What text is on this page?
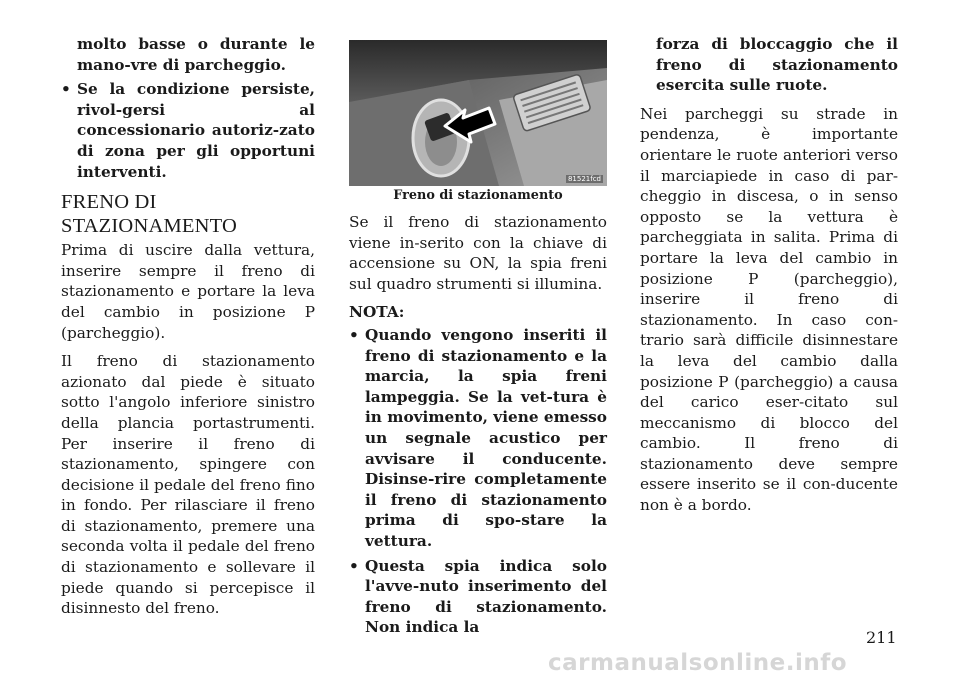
molto basse o durante le mano-vre di parcheggio.

• Se la condizione persiste, rivol-gersi al concessionario autoriz-zato di zona per gli opportuni interventi.
FRENO DI STAZIONAMENTO

Prima di uscire dalla vettura, inserire sempre il freno di stazionamento e portare la leva del cambio in posizione P (parcheggio).

Il freno di stazionamento azionato dal piede è situato sotto l'angolo inferiore sinistro della plancia portastrumenti. Per inserire il freno di stazionamento, spingere con decisione il pedale del freno fino in fondo. Per rilasciare il freno di stazionamento, premere una seconda volta il pedale del freno di stazionamento e sollevare il piede quando si percepisce il disinnesto del freno.

81521fcd

Freno di stazionamento

Se il freno di stazionamento viene in-serito con la chiave di accensione su ON, la spia freni sul quadro strumenti si illumina.

NOTA:

• Quando vengono inseriti il freno di stazionamento e la marcia, la spia freni lampeggia. Se la vet-tura è in movimento, viene emesso un segnale acustico per avvisare il conducente. Disinse-rire completamente il freno di stazionamento prima di spo-stare la vettura.
• Questa spia indica solo l'avve-nuto inserimento del freno di stazionamento. Non indica la

forza di bloccaggio che il freno di stazionamento esercita sulle ruote.

Nei parcheggi su strade in pendenza, è importante orientare le ruote anteriori verso il marciapiede in caso di par-cheggio in discesa, o in senso opposto se la vettura è parcheggiata in salita. Prima di portare la leva del cambio in posizione P (parcheggio), inserire il freno di stazionamento. In caso con-trario sarà difficile disinnestare la leva del cambio dalla posizione P (parcheggio) a causa del carico eser-citato sul meccanismo di blocco del cambio. Il freno di stazionamento deve sempre essere inserito se il con-ducente non è a bordo.

211
carmanualsonline.info
